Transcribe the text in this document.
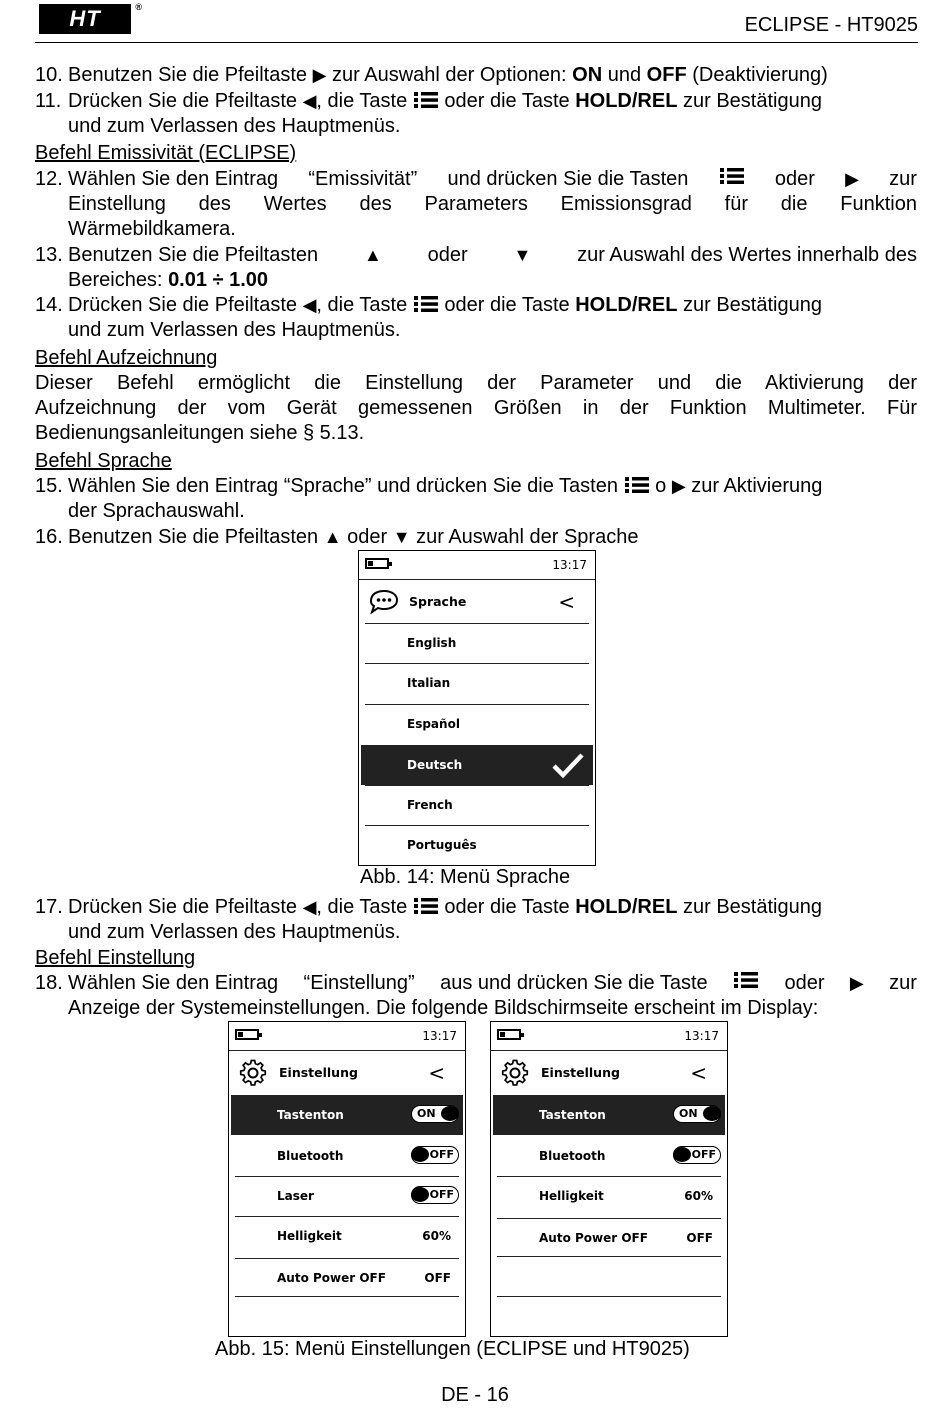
HT	®
ECLIPSE - HT9025
10. Benutzen Sie die Pfeiltaste ▶ zur Auswahl der Optionen: ON und OFF (Deaktivierung)
11. Drücken Sie die Pfeiltaste ◀, die Taste oder die Taste HOLD/REL zur Bestätigung
und zum Verlassen des Hauptmenüs.
Befehl Emissivität (ECLIPSE)
12. Wählen Sie den Eintrag “Emissivität” und drücken Sie die Tasten	oder ▶ zur
Einstellung des Wertes des Parameters Emissionsgrad für die Funktion
Wärmebildkamera.
13. Benutzen Sie die Pfeiltasten	▲ oder	▼ zur Auswahl des Wertes innerhalb des
Bereiches: 0.01 ÷ 1.00
14. Drücken Sie die Pfeiltaste ◀, die Taste oder die Taste HOLD/REL zur Bestätigung
und zum Verlassen des Hauptmenüs.
Befehl Aufzeichnung
Dieser Befehl ermöglicht die Einstellung der Parameter und die Aktivierung der
Aufzeichnung der vom Gerät gemessenen Größen in der Funktion Multimeter. Für
Bedienungsanleitungen siehe § 5.13.
Befehl Sprache
15. Wählen Sie den Eintrag “Sprache” und drücken Sie die Tasten o ▶ zur Aktivierung
der Sprachauswahl.
16. Benutzen Sie die Pfeiltasten ▲ oder ▼ zur Auswahl der Sprache
13:17
Sprache	<
English
Italian
Español
Deutsch
French
Português
Abb. 14: Menü Sprache
17. Drücken Sie die Pfeiltaste ◀, die Taste oder die Taste HOLD/REL zur Bestätigung
und zum Verlassen des Hauptmenüs.
Befehl Einstellung
18. Wählen Sie den Eintrag “Einstellung” aus und drücken Sie die Taste	oder ▶ zur
Anzeige der Systemeinstellungen. Die folgende Bildschirmseite erscheint im Display:
13:17
Einstellung	<
Tastenton	ON
Bluetooth	OFF
Laser	OFF
Helligkeit	60%
Auto Power OFF	OFF
13:17
Einstellung	<
Tastenton	ON
Bluetooth	OFF
Helligkeit	60%
Auto Power OFF	OFF
Abb. 15: Menü Einstellungen (ECLIPSE und HT9025)
DE - 16
